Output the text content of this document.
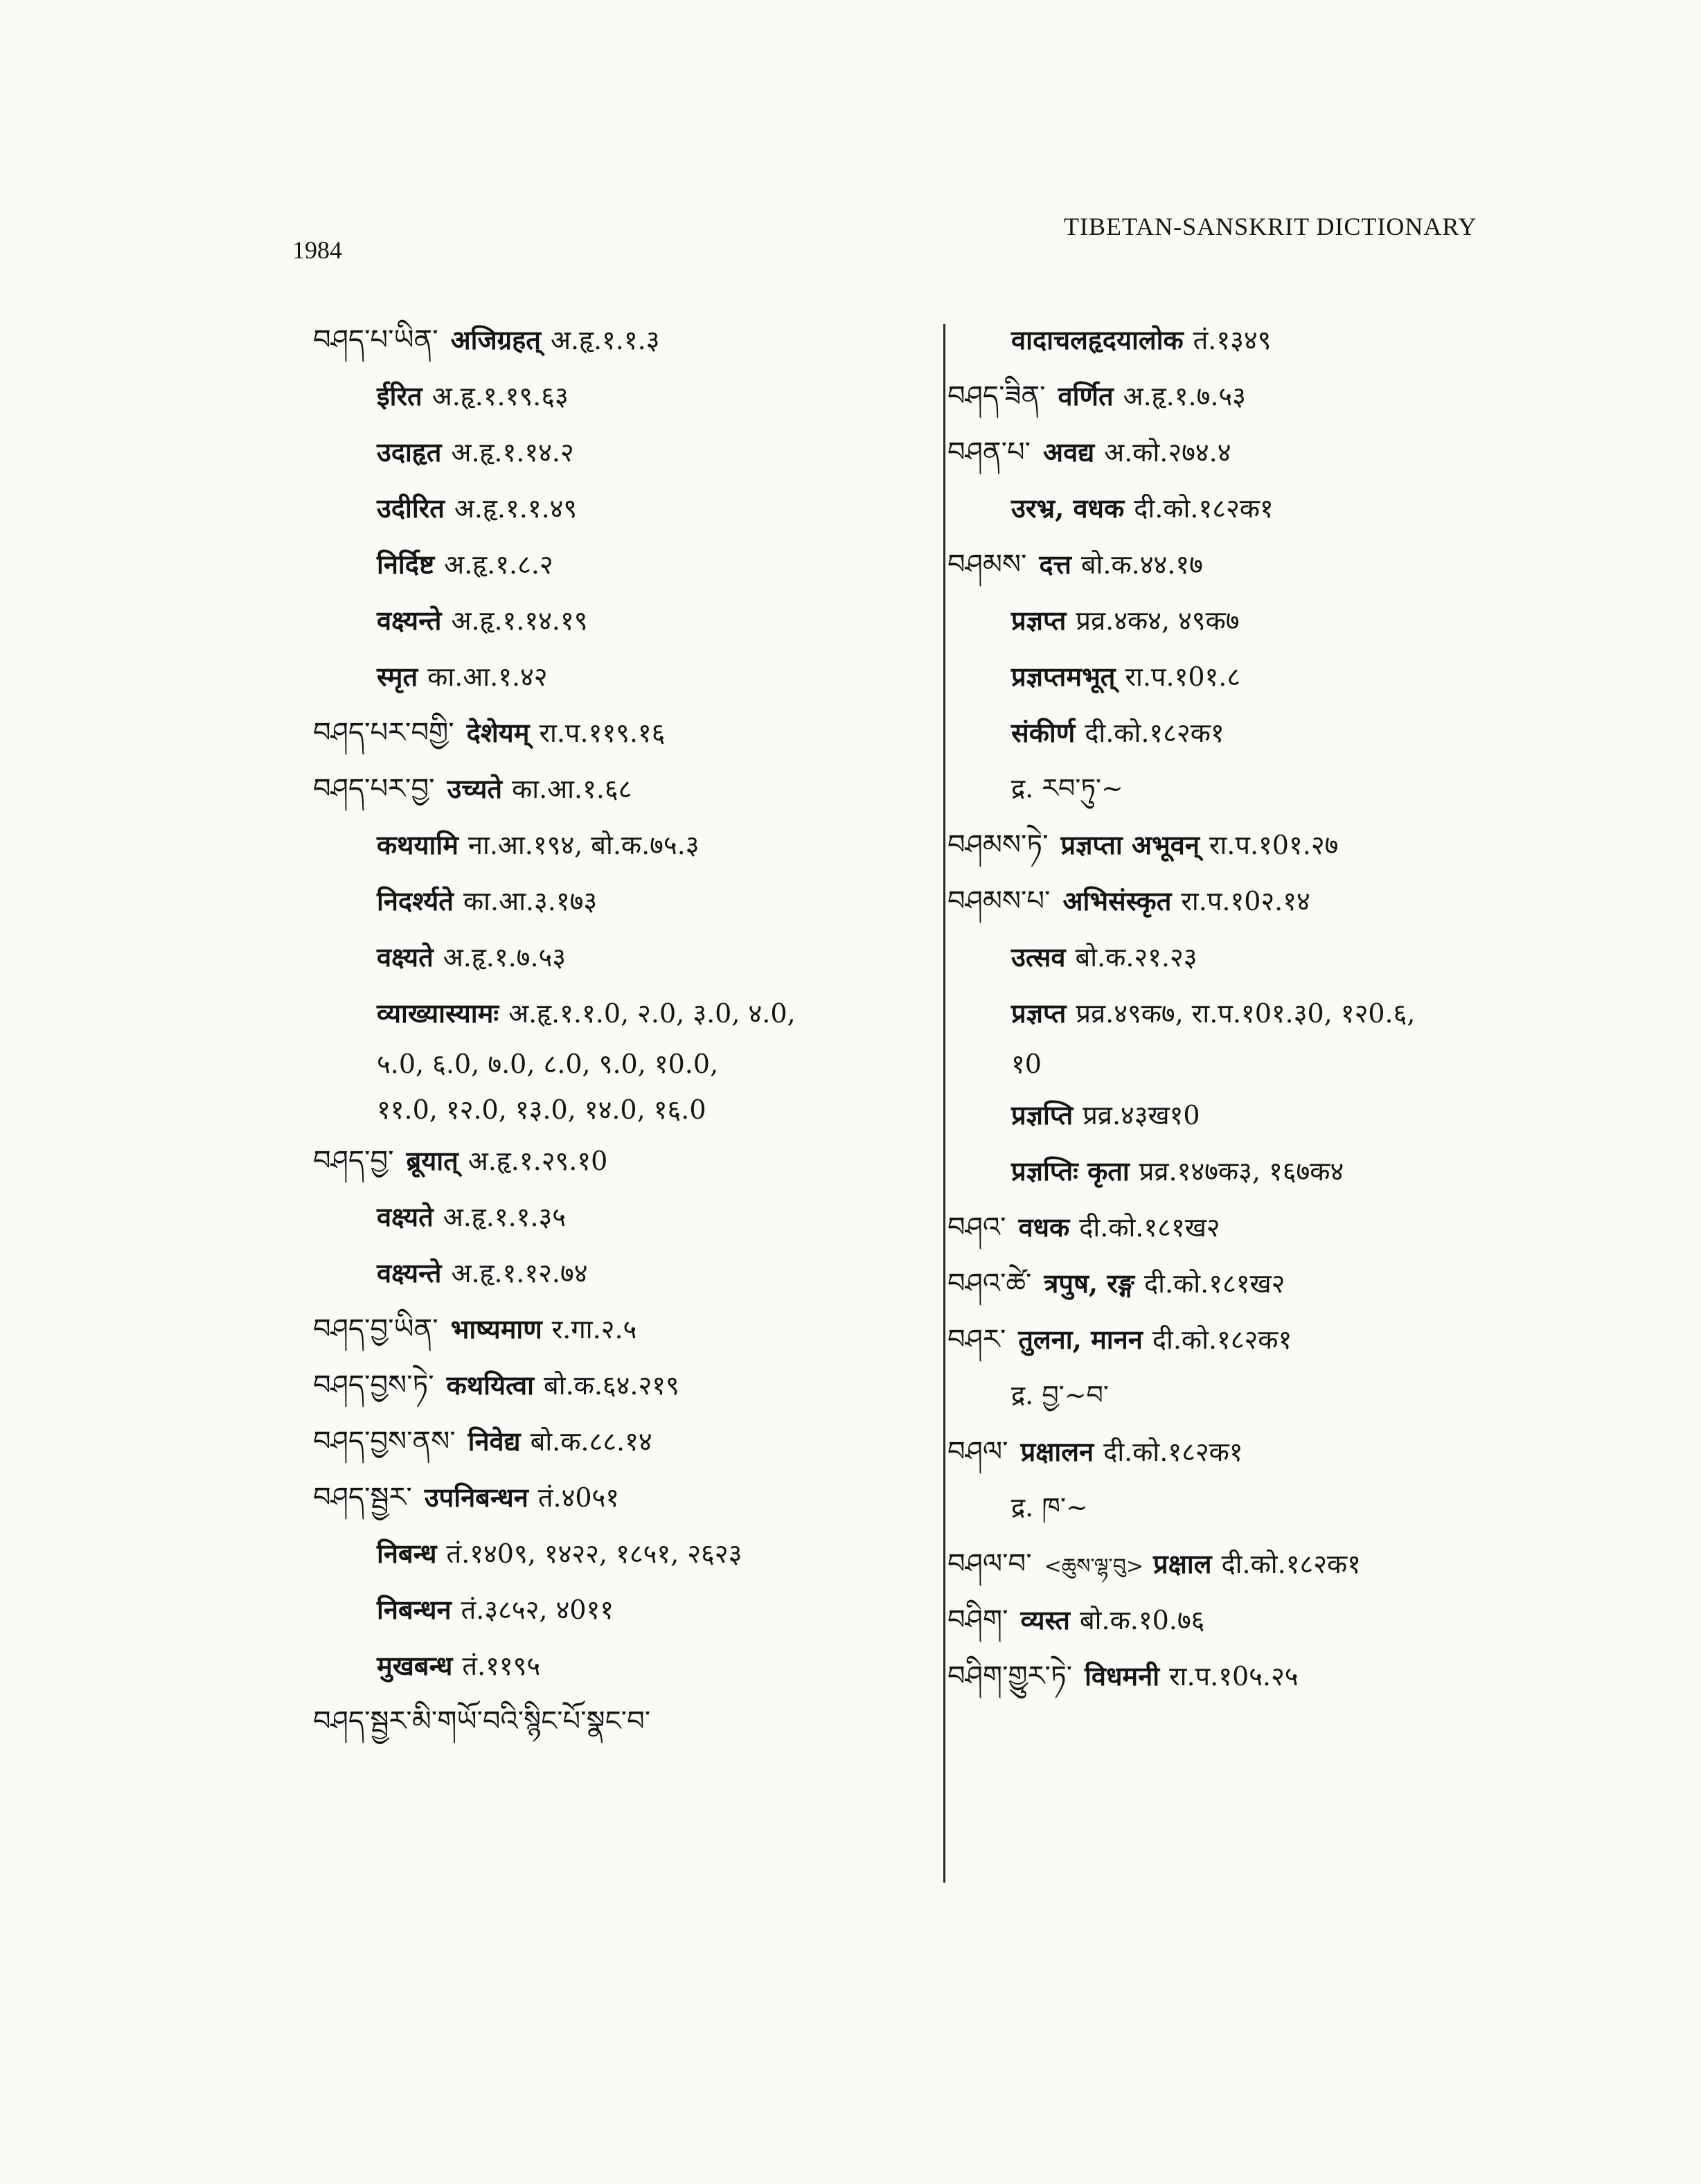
1984
TIBETAN-SANSKRIT DICTIONARY
བཤད་པ་ཡིན་ अजिग्रहत् अ.हृ.१.१.३
ईरित अ.हृ.१.१९.६३
उदाहृत अ.हृ.१.१४.२
उदीरित अ.हृ.१.१.४९
निर्दिष्ट अ.हृ.१.८.२
वक्ष्यन्ते अ.हृ.१.१४.१९
स्मृत का.आ.१.४२
བཤད་པར་བགྱི་ देशेयम् रा.प.११९.१६
བཤད་པར་བྱ་ उच्यते का.आ.१.६८
कथयामि ना.आ.१९४, बो.क.७५.३
निदर्श्यते का.आ.३.१७३
वक्ष्यते अ.हृ.१.७.५३
व्याख्यास्यामः अ.हृ.१.१.0, २.0, ३.0, ४.0,
५.0, ६.0, ७.0, ८.0, ९.0, १0.0,
११.0, १२.0, १३.0, १४.0, १६.0
བཤད་བྱ་ ब्रूयात् अ.हृ.१.२९.१0
वक्ष्यते अ.हृ.१.१.३५
वक्ष्यन्ते अ.हृ.१.१२.७४
བཤད་བྱ་ཡིན་ भाष्यमाण र.गा.२.५
བཤད་བྱས་ཏེ་ कथयित्वा बो.क.६४.२१९
བཤད་བྱས་ནས་ निवेद्य बो.क.८८.१४
བཤད་སྦྱར་ उपनिबन्धन तं.४0५१
निबन्ध तं.१४0९, १४२२, १८५१, २६२३
निबन्धन तं.३८५२, ४0११
मुखबन्ध तं.११९५
བཤད་སྦྱར་མི་གཡོ་བའི་སྙིང་པོ་སྣང་བ་
वादाचलहृदयालोक तं.१३४९
བཤད་ཟིན་ वर्णित अ.हृ.१.७.५३
བཤན་པ་ अवद्य अ.को.२७४.४
उरभ्र, वधक दी.को.१८२क१
བཤམས་ दत्त बो.क.४४.१७
प्रज्ञप्त प्रव्र.४क४, ४९क७
प्रज्ञप्तमभूत् रा.प.१0१.८
संकीर्ण दी.को.१८२क१
द्र. རབ་ཏུ་~
བཤམས་ཏེ་ प्रज्ञप्ता अभूवन् रा.प.१0१.२७
བཤམས་པ་ अभिसंस्कृत रा.प.१0२.१४
उत्सव बो.क.२१.२३
प्रज्ञप्त प्रव्र.४९क७, रा.प.१0१.३0, १२0.६,
१0
प्रज्ञप्ति प्रव्र.४३ख१0
प्रज्ञप्तिः कृता प्रव्र.१४७क३, १६७क४
བཤའ་ वधक दी.को.१८१ख२
བཤའ་ཚེ་ त्रपुष, रङ्ग दी.को.१८१ख२
བཤར་ तुलना, मानन दी.को.१८२क१
द्र. བྱ་~བ་
བཤལ་ प्रक्षालन दी.को.१८२क१
द्र. ཁ་~
བཤལ་བ་ <ཆུས་ལྷ་བུ> प्रक्षाल दी.को.१८२क१
བཤིག་ व्यस्त बो.क.१0.७६
བཤིག་གྱུར་ཏེ་ विधमनी रा.प.१0५.२५
